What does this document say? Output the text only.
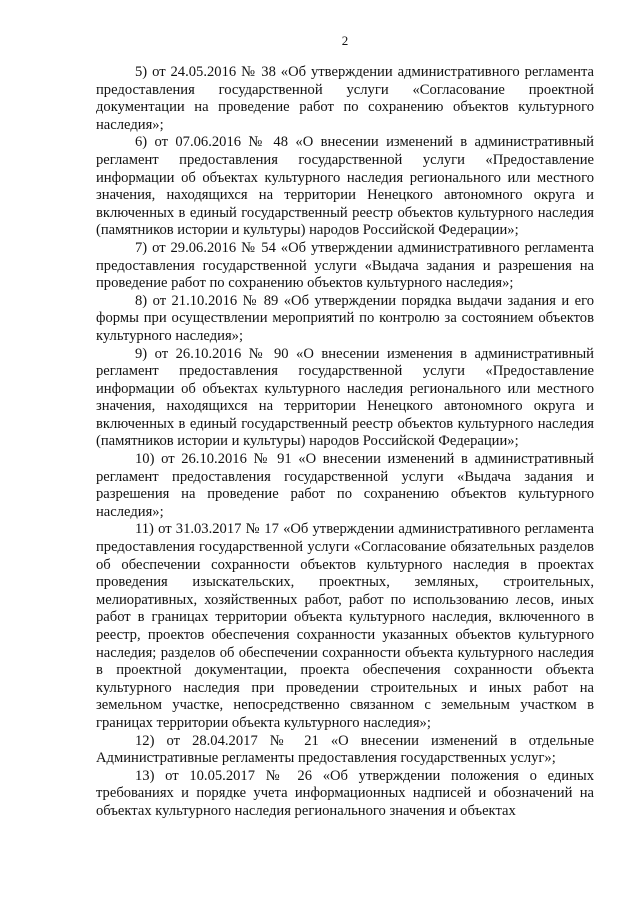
2

5) от 24.05.2016 № 38 «Об утверждении административного регламента предоставления государственной услуги «Согласование проектной документации на проведение работ по сохранению объектов культурного наследия»;

6) от 07.06.2016 № 48 «О внесении изменений в административный регламент предоставления государственной услуги «Предоставление информации об объектах культурного наследия регионального или местного значения, находящихся на территории Ненецкого автономного округа и включенных в единый государственный реестр объектов культурного наследия (памятников истории и культуры) народов Российской Федерации»;

7) от 29.06.2016 № 54 «Об утверждении административного регламента предоставления государственной услуги «Выдача задания и разрешения на проведение работ по сохранению объектов культурного наследия»;

8) от 21.10.2016 № 89 «Об утверждении порядка выдачи задания и его формы при осуществлении мероприятий по контролю за состоянием объектов культурного наследия»;

9) от 26.10.2016 № 90 «О внесении изменения в административный регламент предоставления государственной услуги «Предоставление информации об объектах культурного наследия регионального или местного значения, находящихся на территории Ненецкого автономного округа и включенных в единый государственный реестр объектов культурного наследия (памятников истории и культуры) народов Российской Федерации»;

10) от 26.10.2016 № 91 «О внесении изменений в административный регламент предоставления государственной услуги «Выдача задания и разрешения на проведение работ по сохранению объектов культурного наследия»;

11) от 31.03.2017 № 17 «Об утверждении административного регламента предоставления государственной услуги «Согласование обязательных разделов об обеспечении сохранности объектов культурного наследия в проектах проведения изыскательских, проектных, земляных, строительных, мелиоративных, хозяйственных работ, работ по использованию лесов, иных работ в границах территории объекта культурного наследия, включенного в реестр, проектов обеспечения сохранности указанных объектов культурного наследия; разделов об обеспечении сохранности объекта культурного наследия в проектной документации, проекта обеспечения сохранности объекта культурного наследия при проведении строительных и иных работ на земельном участке, непосредственно связанном с земельным участком в границах территории объекта культурного наследия»;

12) от 28.04.2017 № 21 «О внесении изменений в отдельные Административные регламенты предоставления государственных услуг»;

13) от 10.05.2017 № 26 «Об утверждении положения о единых требованиях и порядке учета информационных надписей и обозначений на объектах культурного наследия регионального значения и объектах
